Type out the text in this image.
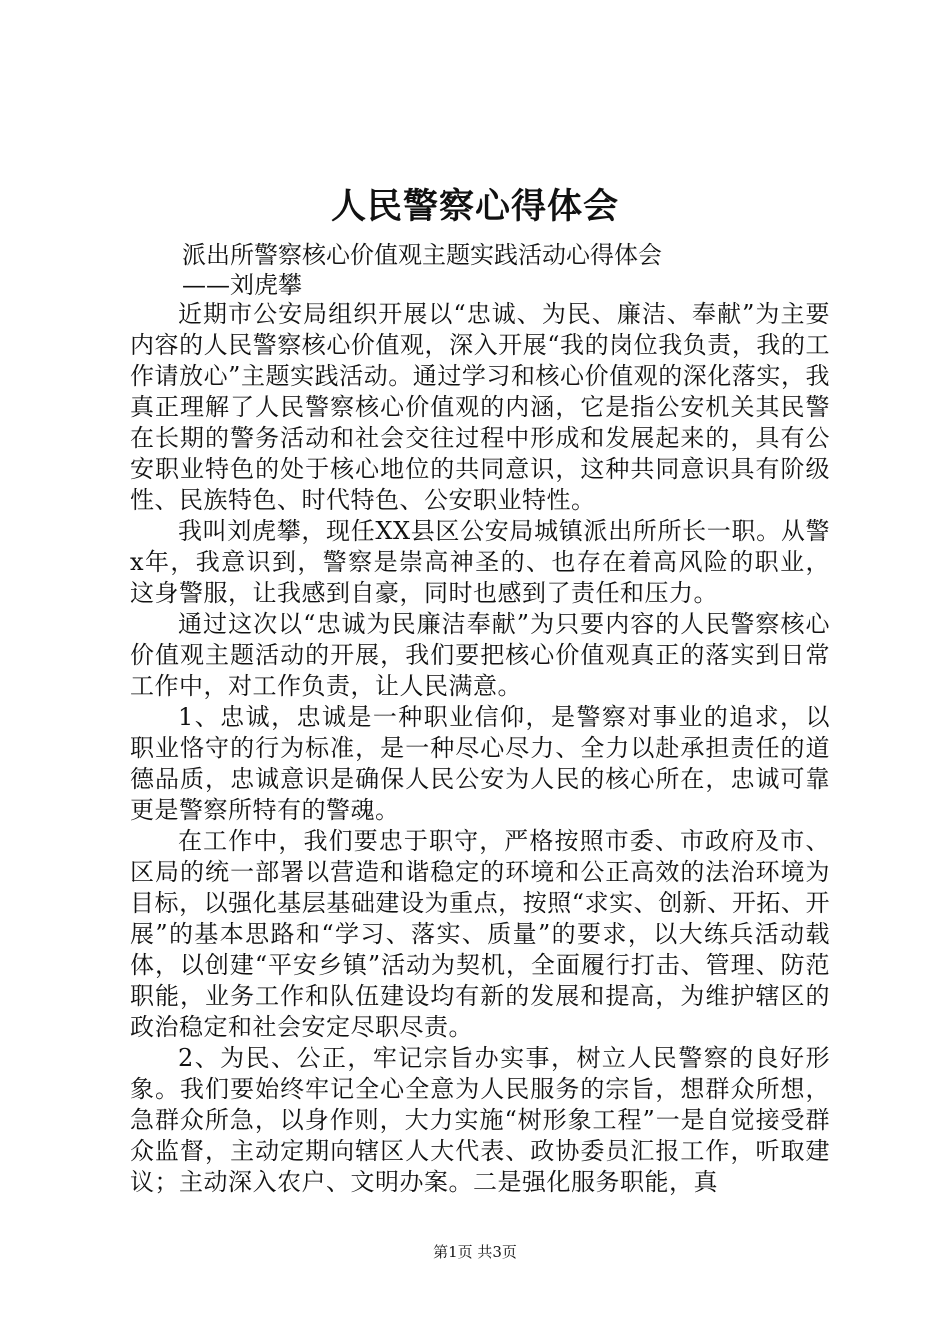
人民警察心得体会
派出所警察核心价值观主题实践活动心得体会
——刘虎攀

近期市公安局组织开展以“忠诚、为民、廉洁、奉献”为主要内容的人民警察核心价值观，深入开展“我的岗位我负责，我的工作请放心”主题实践活动。通过学习和核心价值观的深化落实，我真正理解了人民警察核心价值观的内涵，它是指公安机关其民警在长期的警务活动和社会交往过程中形成和发展起来的，具有公安职业特色的处于核心地位的共同意识，这种共同意识具有阶级性、民族特色、时代特色、公安职业特性。

我叫刘虎攀，现任XX县区公安局城镇派出所所长一职。从警x年，我意识到，警察是崇高神圣的、也存在着高风险的职业，这身警服，让我感到自豪，同时也感到了责任和压力。

通过这次以“忠诚为民廉洁奉献”为只要内容的人民警察核心价值观主题活动的开展，我们要把核心价值观真正的落实到日常工作中，对工作负责，让人民满意。

1、忠诚，忠诚是一种职业信仰，是警察对事业的追求，以职业恪守的行为标准，是一种尽心尽力、全力以赴承担责任的道德品质，忠诚意识是确保人民公安为人民的核心所在，忠诚可靠更是警察所特有的警魂。

在工作中，我们要忠于职守，严格按照市委、市政府及市、区局的统一部署以营造和谐稳定的环境和公正高效的法治环境为目标，以强化基层基础建设为重点，按照“求实、创新、开拓、开展”的基本思路和“学习、落实、质量”的要求，以大练兵活动载体，以创建“平安乡镇”活动为契机，全面履行打击、管理、防范职能，业务工作和队伍建设均有新的发展和提高，为维护辖区的政治稳定和社会安定尽职尽责。

2、为民、公正，牢记宗旨办实事，树立人民警察的良好形象。我们要始终牢记全心全意为人民服务的宗旨，想群众所想，急群众所急，以身作则，大力实施“树形象工程”一是自觉接受群众监督，主动定期向辖区人大代表、政协委员汇报工作，听取建议；主动深入农户、文明办案。二是强化服务职能，真

第1页 共3页
